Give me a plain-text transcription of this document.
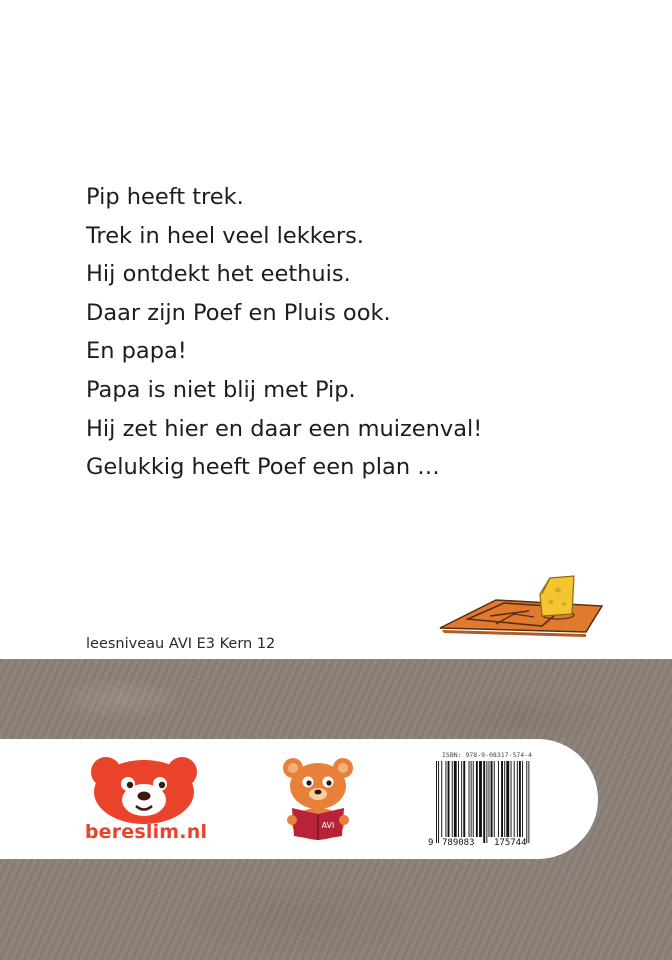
Pip heeft trek.
Trek in heel veel lekkers.
Hij ontdekt het eethuis.
Daar zijn Poef en Pluis ook.
En papa!
Papa is niet blij met Pip.
Hij zet hier en daar een muizenval!
Gelukkig heeft Poef een plan …
leesniveau AVI E3 Kern 12
bereslim.nl	AVI
ISBN: 978-9-08317-574-4
9 789083 175744
